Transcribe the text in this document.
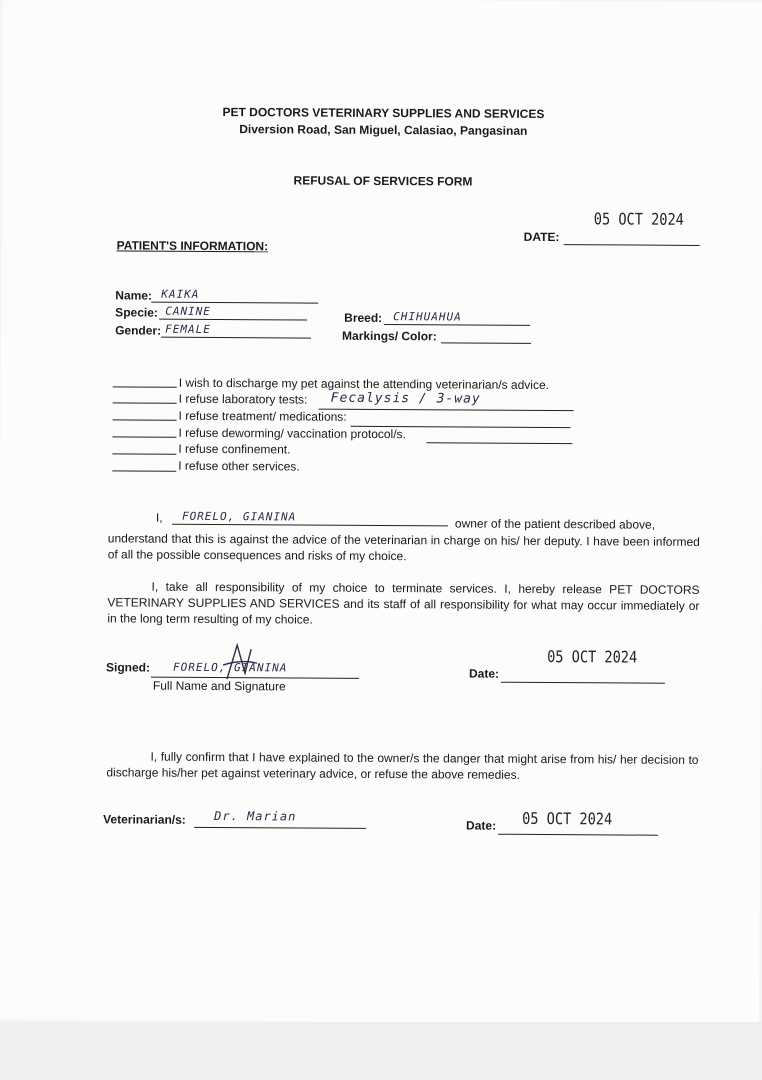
PET DOCTORS VETERINARY SUPPLIES AND SERVICES
Diversion Road, San Miguel, Calasiao, Pangasinan
REFUSAL OF SERVICES FORM
05 OCT 2024
DATE:
PATIENT'S INFORMATION:
Name: KAIKA
Specie: CANINE
Gender: FEMALE
Breed: CHIHUAHUA
Markings/ Color:
I wish to discharge my pet against the attending veterinarian/s advice.
I refuse laboratory tests: Fecalysis / 3-way
I refuse treatment/ medications:
I refuse deworming/ vaccination protocol/s.
I refuse confinement.
I refuse other services.
I, FORELO, GIANINA	owner of the patient described above,
understand that this is against the advice of the veterinarian in charge on his/ her deputy. I have been informed of all the possible consequences and risks of my choice.
I, take all responsibility of my choice to terminate services. I, hereby release PET DOCTORS VETERINARY SUPPLIES AND SERVICES and its staff of all responsibility for what may occur immediately or in the long term resulting of my choice.
Signed: FORELO, GIANINA
Full Name and Signature
05 OCT 2024
Date:
I, fully confirm that I have explained to the owner/s the danger that might arise from his/ her decision to discharge his/her pet against veterinary advice, or refuse the above remedies.
Veterinarian/s: Dr. Marian	05 OCT 2024
Date:
